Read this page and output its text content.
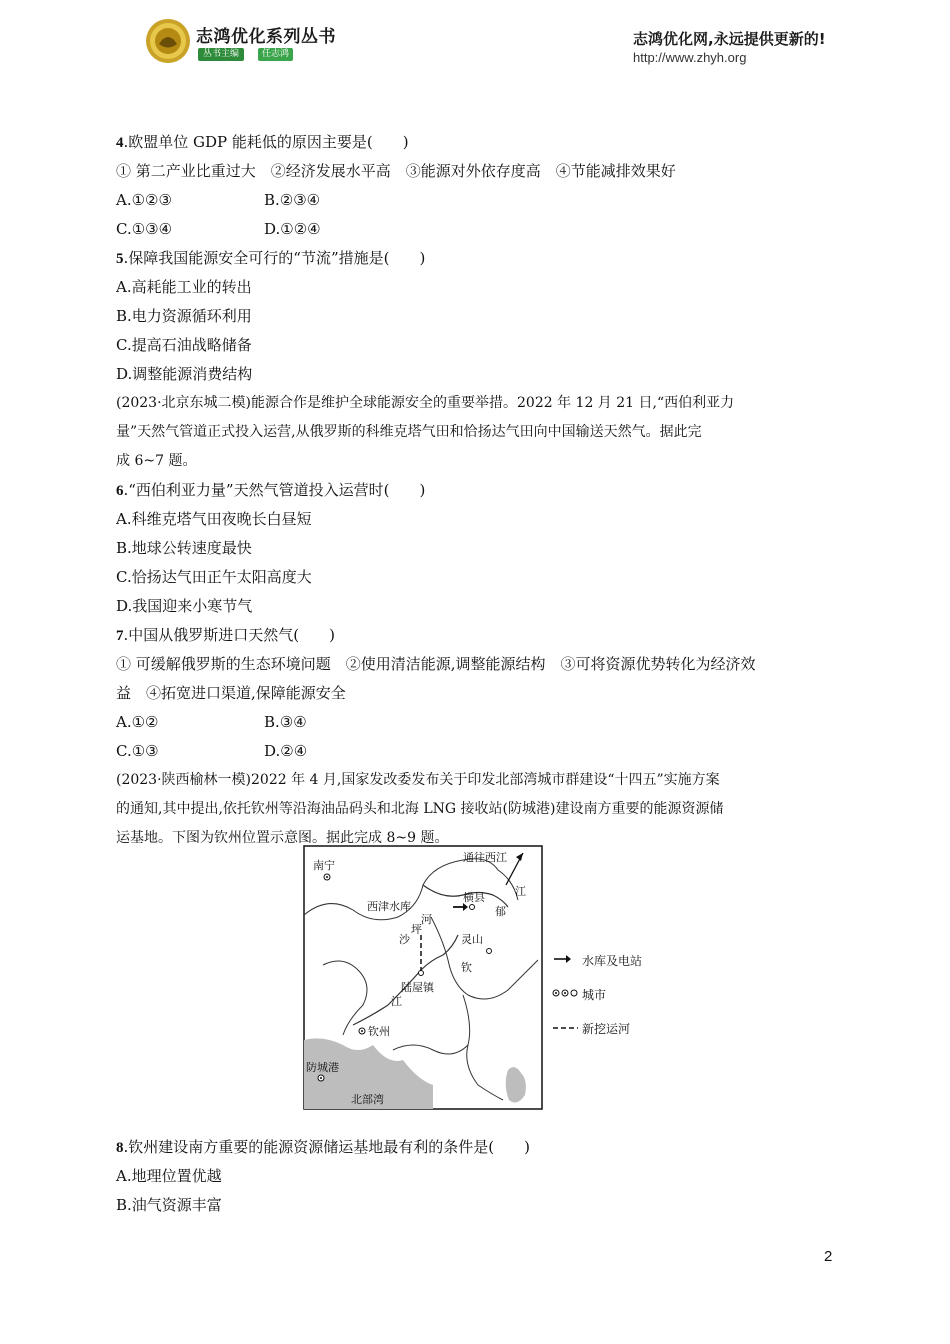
志鸿优化系列丛书
丛书主编	任志鸿
志鸿优化网,永远提供更新的!
http://www.zhyh.org
4.欧盟单位 GDP 能耗低的原因主要是(　　)
① 第二产业比重过大　②经济发展水平高　③能源对外依存度高　④节能减排效果好
A.①②③	B.②③④
C.①③④	D.①②④
5.保障我国能源安全可行的“节流”措施是(　　)
A.高耗能工业的转出
B.电力资源循环利用
C.提高石油战略储备
D.调整能源消费结构
(2023·北京东城二模)能源合作是维护全球能源安全的重要举措。2022 年 12 月 21 日,“西伯利亚力
量”天然气管道正式投入运营,从俄罗斯的科维克塔气田和恰扬达气田向中国输送天然气。据此完
成 6~7 题。
6.“西伯利亚力量”天然气管道投入运营时(　　)
A.科维克塔气田夜晚长白昼短
B.地球公转速度最快
C.恰扬达气田正午太阳高度大
D.我国迎来小寒节气
7.中国从俄罗斯进口天然气(　　)
① 可缓解俄罗斯的生态环境问题　②使用清洁能源,调整能源结构　③可将资源优势转化为经济效
益　④拓宽进口渠道,保障能源安全
A.①②	B.③④
C.①③	D.②④
(2023·陕西榆林一模)2022 年 4 月,国家发改委发布关于印发北部湾城市群建设“十四五”实施方案
的通知,其中提出,依托钦州等沿海油品码头和北海 LNG 接收站(防城港)建设南方重要的能源资源储
运基地。下图为钦州位置示意图。据此完成 8~9 题。
南宁
通往西江
横县
郁
江
西津水库
河
坪
沙	灵山
钦
陆屋镇
江
钦州
防城港
北部湾
水库及电站
城市
新挖运河
8.钦州建设南方重要的能源资源储运基地最有利的条件是(　　)
A.地理位置优越
B.油气资源丰富
2
